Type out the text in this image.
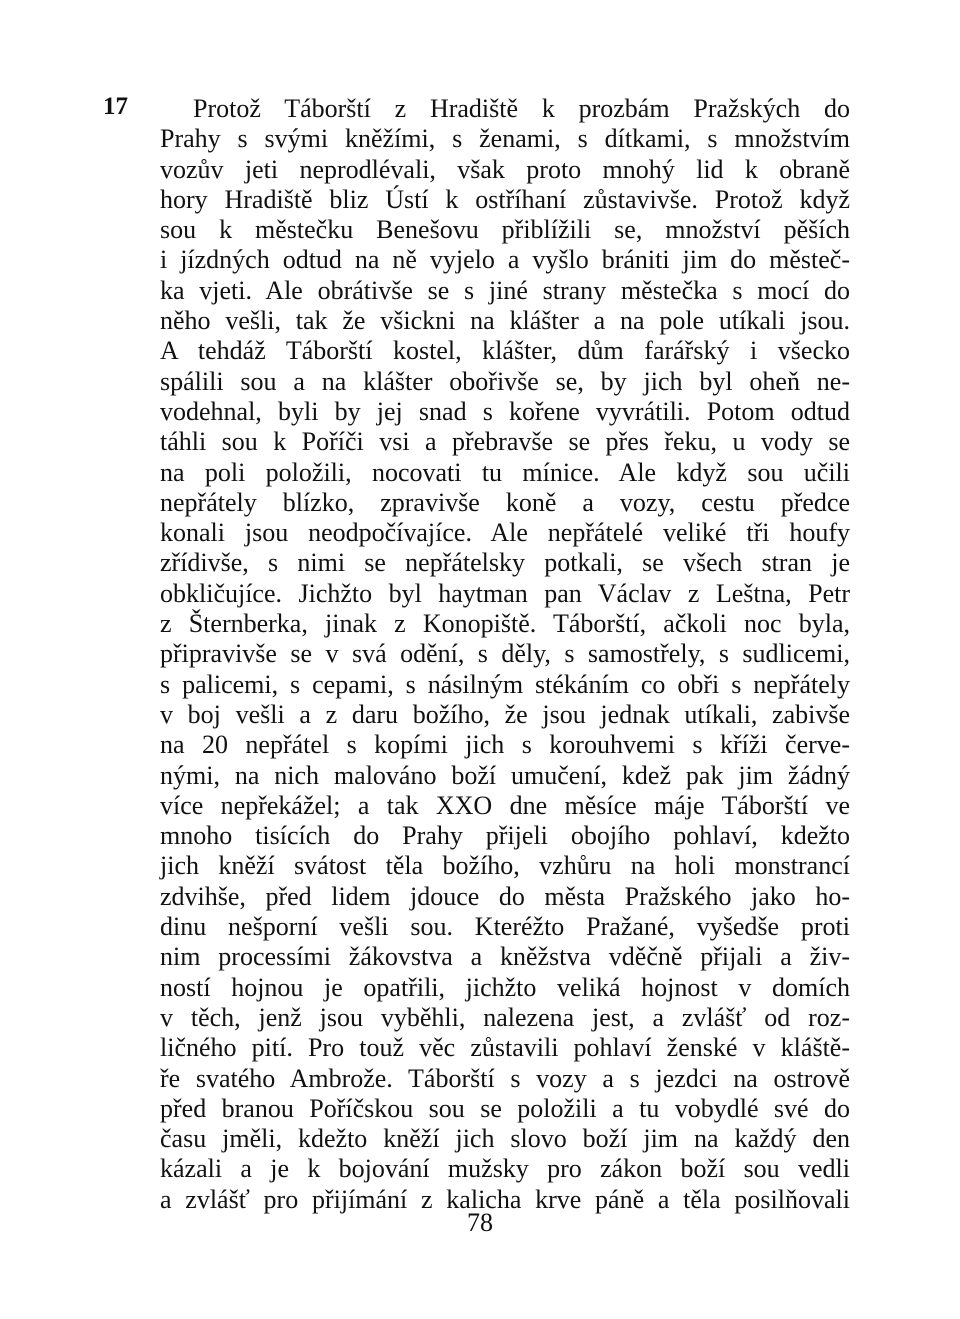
17	Protož Táborští z Hradiště k prozbám Pražských do
Prahy s svými kněžími, s ženami, s dítkami, s množstvím
vozův jeti neprodlévali, však proto mnohý lid k obraně
hory Hradiště bliz Ústí k ostříhaní zůstavivše. Protož když
sou k městečku Benešovu přiblížili se, množství pěších
i jízdných odtud na ně vyjelo a vyšlo brániti jim do městeč-
ka vjeti. Ale obrátivše se s jiné strany městečka s mocí do
něho vešli, tak že všickni na klášter a na pole utíkali jsou.
A tehdáž Táborští kostel, klášter, dům farářský i všecko
spálili sou a na klášter obořivše se, by jich byl oheň ne-
vodehnal, byli by jej snad s kořene vyvrátili. Potom odtud
táhli sou k Poříči vsi a přebravše se přes řeku, u vody se
na poli položili, nocovati tu mínice. Ale když sou učili
nepřátely blízko, zpravivše koně a vozy, cestu předce
konali jsou neodpočívajíce. Ale nepřátelé veliké tři houfy
zřídivše, s nimi se nepřátelsky potkali, se všech stran je
obkličujíce. Jichžto byl haytman pan Václav z Leštna, Petr
z Šternberka, jinak z Konopiště. Táborští, ačkoli noc byla,
připravivše se v svá odění, s děly, s samostřely, s sudlicemi,
s palicemi, s cepami, s násilným stékáním co obři s nepřátely
v boj vešli a z daru božího, že jsou jednak utíkali, zabivše
na 20 nepřátel s kopími jich s korouhvemi s kříži červe-
nými, na nich malováno boží umučení, kdež pak jim žádný
více nepřekážel; a tak XXO dne měsíce máje Táborští ve
mnoho tisících do Prahy přijeli obojího pohlaví, kdežto
jich kněží svátost těla božího, vzhůru na holi monstrancí
zdvihše, před lidem jdouce do města Pražského jako ho-
dinu nešporní vešli sou. Kteréžto Pražané, vyšedše proti
nim processími žákovstva a kněžstva vděčně přijali a živ-
ností hojnou je opatřili, jichžto veliká hojnost v domích
v těch, jenž jsou vyběhli, nalezena jest, a zvlášť od roz-
ličného pití. Pro touž věc zůstavili pohlaví ženské v kláště-
ře svatého Ambrože. Táborští s vozy a s jezdci na ostrově
před branou Poříčskou sou se položili a tu vobydlé své do
času jměli, kdežto kněží jich slovo boží jim na každý den
kázali a je k bojování mužsky pro zákon boží sou vedli
a zvlášť pro přijímání z kalicha krve páně a těla posilňovali
78
